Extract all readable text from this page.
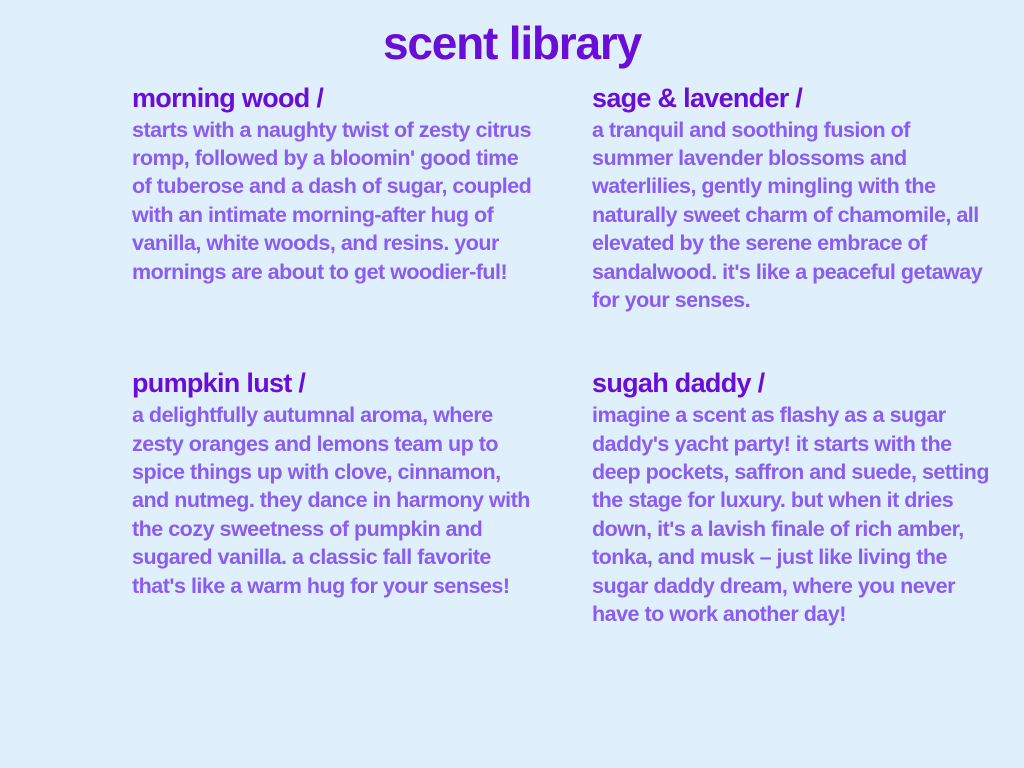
scent library

morning wood /

starts with a naughty twist of zesty citrus romp, followed by a bloomin' good time of tuberose and a dash of sugar, coupled with an intimate morning-after hug of vanilla, white woods, and resins. your mornings are about to get woodier-ful!

sage & lavender /

a tranquil and soothing fusion of summer lavender blossoms and waterlilies, gently mingling with the naturally sweet charm of chamomile, all elevated by the serene embrace of sandalwood. it's like a peaceful getaway for your senses.

pumpkin lust /

a delightfully autumnal aroma, where zesty oranges and lemons team up to spice things up with clove, cinnamon, and nutmeg. they dance in harmony with the cozy sweetness of pumpkin and sugared vanilla. a classic fall favorite that's like a warm hug for your senses!

sugah daddy /

imagine a scent as flashy as a sugar daddy's yacht party! it starts with the deep pockets, saffron and suede, setting the stage for luxury. but when it dries down, it's a lavish finale of rich amber, tonka, and musk – just like living the sugar daddy dream, where you never have to work another day!
